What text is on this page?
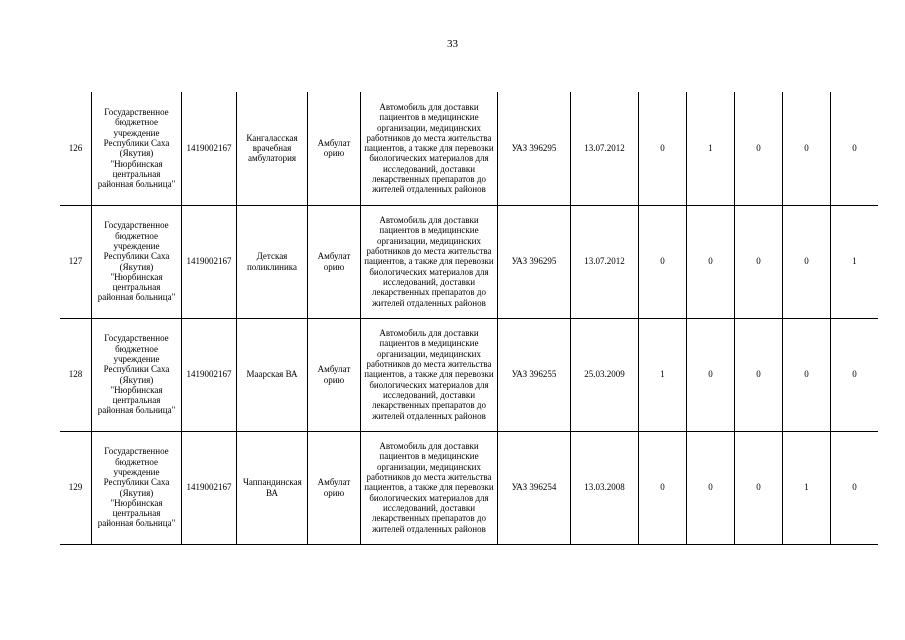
33
126	Государственное бюджетное учреждение Республики Саха (Якутия) "Нюрбинская центральная районная больница"	1419002167	Кангаласская врачебная амбулатория	Амбулаторию	Автомобиль для доставки пациентов в медицинские организации, медицинских работников до места жительства пациентов, а также для перевозки биологических материалов для исследований, доставки лекарственных препаратов до жителей отдаленных районов	УАЗ 396295	13.07.2012	0	1	0	0	0
127	Государственное бюджетное учреждение Республики Саха (Якутия) "Нюрбинская центральная районная больница"	1419002167	Детская поликлиника	Амбулаторию	Автомобиль для доставки пациентов в медицинские организации, медицинских работников до места жительства пациентов, а также для перевозки биологических материалов для исследований, доставки лекарственных препаратов до жителей отдаленных районов	УАЗ 396295	13.07.2012	0	0	0	0	1
128	Государственное бюджетное учреждение Республики Саха (Якутия) "Нюрбинская центральная районная больница"	1419002167	Маарская ВА	Амбулаторию	Автомобиль для доставки пациентов в медицинские организации, медицинских работников до места жительства пациентов, а также для перевозки биологических материалов для исследований, доставки лекарственных препаратов до жителей отдаленных районов	УАЗ 396255	25.03.2009	1	0	0	0	0
129	Государственное бюджетное учреждение Республики Саха (Якутия) "Нюрбинская центральная районная больница"	1419002167	Чаппандинская ВА	Амбулаторию	Автомобиль для доставки пациентов в медицинские организации, медицинских работников до места жительства пациентов, а также для перевозки биологических материалов для исследований, доставки лекарственных препаратов до жителей отдаленных районов	УАЗ 396254	13.03.2008	0	0	0	1	0
